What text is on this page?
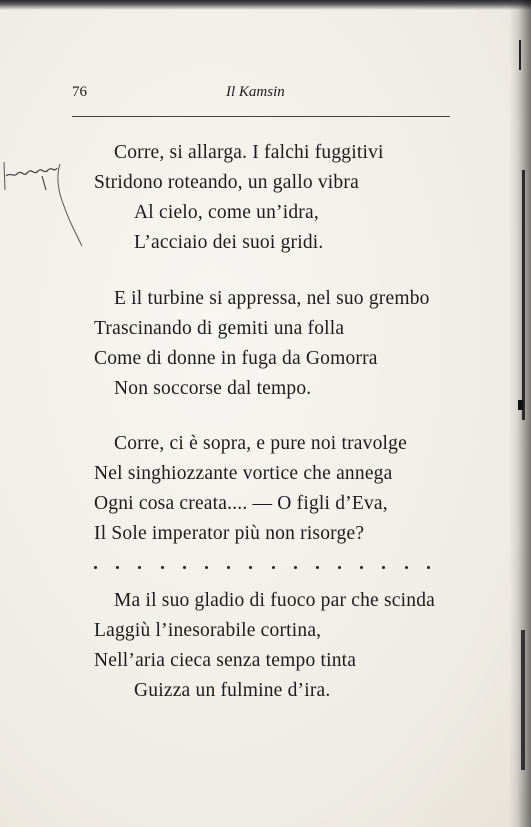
76	Il Kamsin
Corre, si allarga. I falchi fuggitivi
Stridono roteando, un gallo vibra
Al cielo, come un’idra,
L’acciaio dei suoi gridi.
E il turbine si appressa, nel suo grembo
Trascinando di gemiti una folla
Come di donne in fuga da Gomorra
Non soccorse dal tempo.
Corre, ci è sopra, e pure noi travolge
Nel singhiozzante vortice che annega
Ogni cosa creata.... — O figli d’Eva,
Il Sole imperator più non risorge?
Ma il suo gladio di fuoco par che scinda
Laggiù l’inesorabile cortina,
Nell’aria cieca senza tempo tinta
Guizza un fulmine d’ira.
